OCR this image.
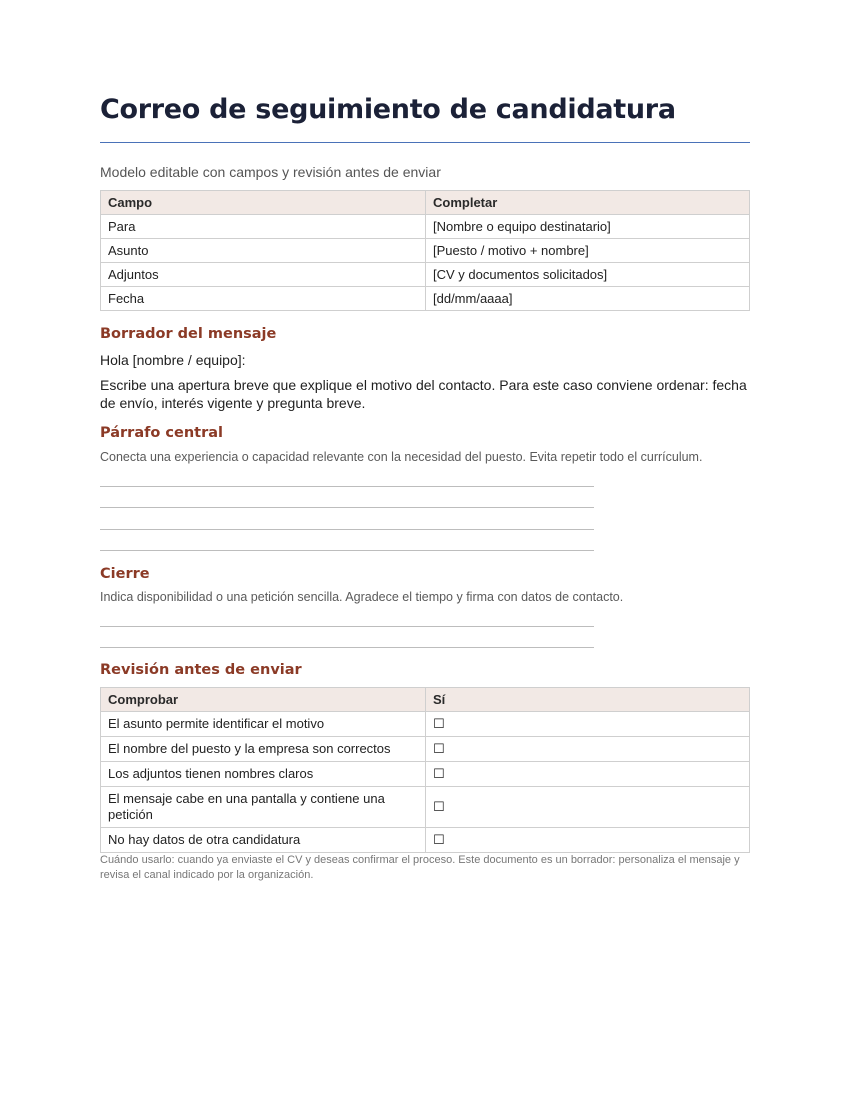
Correo de seguimiento de candidatura
Modelo editable con campos y revisión antes de enviar
Campo	Completar
Para	[Nombre o equipo destinatario]
Asunto	[Puesto / motivo + nombre]
Adjuntos	[CV y documentos solicitados]
Fecha	[dd/mm/aaaa]
Borrador del mensaje
Hola [nombre / equipo]:
Escribe una apertura breve que explique el motivo del contacto. Para este caso conviene ordenar: fecha de envío, interés vigente y pregunta breve.
Párrafo central
Conecta una experiencia o capacidad relevante con la necesidad del puesto. Evita repetir todo el currículum.
Cierre
Indica disponibilidad o una petición sencilla. Agradece el tiempo y firma con datos de contacto.
Revisión antes de enviar
Comprobar	Sí
El asunto permite identificar el motivo	☐
El nombre del puesto y la empresa son correctos	☐
Los adjuntos tienen nombres claros	☐
El mensaje cabe en una pantalla y contiene una petición	☐
No hay datos de otra candidatura	☐
Cuándo usarlo: cuando ya enviaste el CV y deseas confirmar el proceso. Este documento es un borrador: personaliza el mensaje y revisa el canal indicado por la organización.
